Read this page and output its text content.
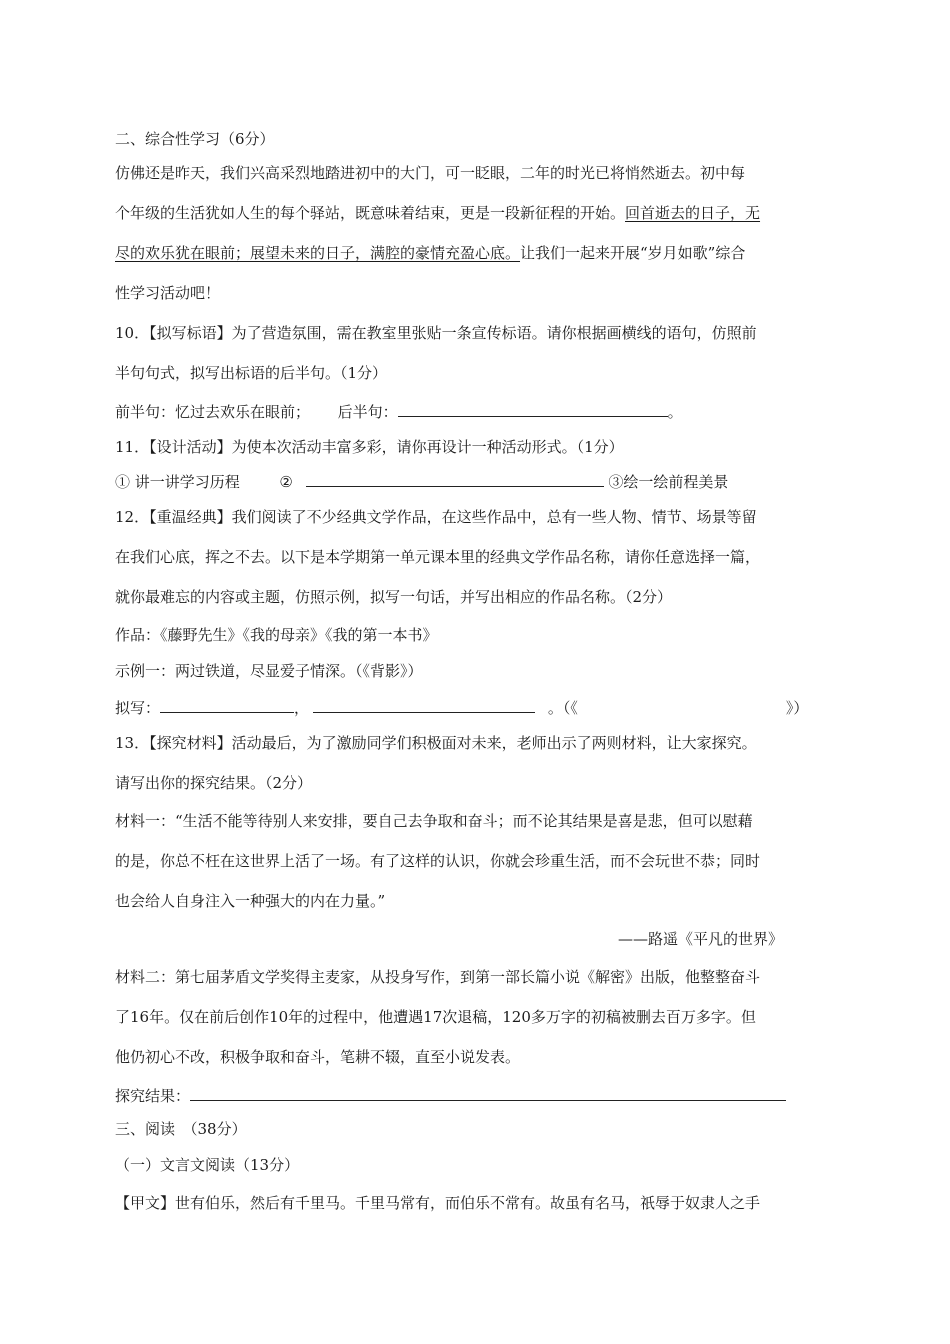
二、综合性学习（6分）
仿佛还是昨天，我们兴高采烈地踏进初中的大门，可一眨眼，二年的时光已将悄然逝去。初中每
个年级的生活犹如人生的每个驿站，既意味着结束，更是一段新征程的开始。回首逝去的日子，无
尽的欢乐犹在眼前；展望未来的日子，满腔的豪情充盈心底。让我们一起来开展“岁月如歌”综合
性学习活动吧！
10．【拟写标语】为了营造氛围，需在教室里张贴一条宣传标语。请你根据画横线的语句，仿照前
半句句式，拟写出标语的后半句。（1分）
前半句：忆过去欢乐在眼前； 后半句：	。
11．【设计活动】为使本次活动丰富多彩，请你再设计一种活动形式。（1分）
① 讲一讲学习历程	②	③绘一绘前程美景
12．【重温经典】我们阅读了不少经典文学作品，在这些作品中，总有一些人物、情节、场景等留
在我们心底，挥之不去。以下是本学期第一单元课本里的经典文学作品名称，请你任意选择一篇，
就你最难忘的内容或主题，仿照示例，拟写一句话，并写出相应的作品名称。（2分）
作品：《藤野先生》《我的母亲》《我的第一本书》
示例一：两过铁道，尽显爱子情深。（《背影》）
拟写：	，	。（《	》）
13．【探究材料】活动最后，为了激励同学们积极面对未来，老师出示了两则材料，让大家探究。
请写出你的探究结果。（2分）
材料一：“生活不能等待别人来安排，要自己去争取和奋斗；而不论其结果是喜是悲，但可以慰藉
的是，你总不枉在这世界上活了一场。有了这样的认识，你就会珍重生活，而不会玩世不恭；同时
也会给人自身注入一种强大的内在力量。”
——路遥《平凡的世界》
材料二：第七届茅盾文学奖得主麦家，从投身写作，到第一部长篇小说《解密》出版，他整整奋斗
了16年。仅在前后创作10年的过程中，他遭遇17次退稿，120多万字的初稿被删去百万多字。但
他仍初心不改，积极争取和奋斗，笔耕不辍，直至小说发表。
探究结果：
三、阅读　（38分）
（一）文言文阅读（13分）
【甲文】世有伯乐，然后有千里马。千里马常有，而伯乐不常有。故虽有名马，祇辱于奴隶人之手
